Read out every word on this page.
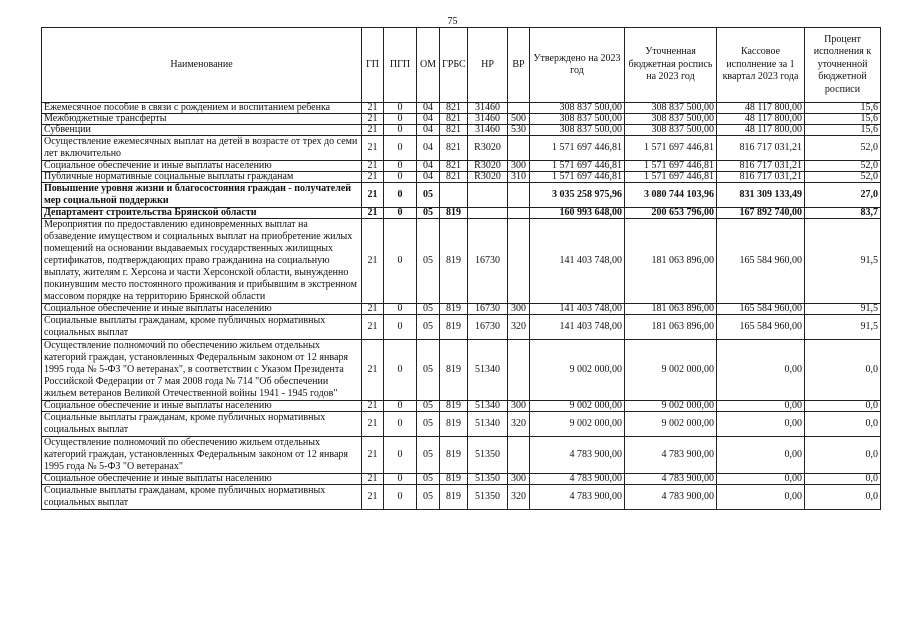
75
Наименование	ГП	ПГП	ОМ	ГРБС	НР	ВР	Утверждено на 2023 год	Уточненная бюджетная роспись на 2023 год	Кассовое исполнение за 1 квартал 2023 года	Процент исполнения к уточненной бюджетной росписи
Ежемесячное пособие в связи с рождением и воспитанием ребенка	21	0	04	821	31460		308 837 500,00	308 837 500,00	48 117 800,00	15,6
Межбюджетные трансферты	21	0	04	821	31460	500	308 837 500,00	308 837 500,00	48 117 800,00	15,6
Субвенции	21	0	04	821	31460	530	308 837 500,00	308 837 500,00	48 117 800,00	15,6
Осуществление ежемесячных выплат на детей в возрасте от трех до семи лет включительно	21	0	04	821	R3020		1 571 697 446,81	1 571 697 446,81	816 717 031,21	52,0
Социальное обеспечение и иные выплаты населению	21	0	04	821	R3020	300	1 571 697 446,81	1 571 697 446,81	816 717 031,21	52,0
Публичные нормативные социальные выплаты гражданам	21	0	04	821	R3020	310	1 571 697 446,81	1 571 697 446,81	816 717 031,21	52,0
Повышение уровня жизни и благосостояния граждан - получателей мер социальной поддержки	21	0	05				3 035 258 975,96	3 080 744 103,96	831 309 133,49	27,0
Департамент строительства Брянской области	21	0	05	819			160 993 648,00	200 653 796,00	167 892 740,00	83,7
Мероприятия по предоставлению единовременных выплат на обзаведение имуществом и социальных выплат на приобретение жилых помещений на основании выдаваемых государственных жилищных сертификатов, подтверждающих право гражданина на социальную выплату, жителям г. Херсона и части Херсонской области, вынужденно покинувшим место постоянного проживания и прибывшим в экстренном массовом порядке на территорию Брянской области	21	0	05	819	16730		141 403 748,00	181 063 896,00	165 584 960,00	91,5
Социальное обеспечение и иные выплаты населению	21	0	05	819	16730	300	141 403 748,00	181 063 896,00	165 584 960,00	91,5
Социальные выплаты гражданам, кроме публичных нормативных социальных выплат	21	0	05	819	16730	320	141 403 748,00	181 063 896,00	165 584 960,00	91,5
Осуществление полномочий по обеспечению жильем отдельных категорий граждан, установленных Федеральным законом от 12 января 1995 года № 5-ФЗ "О ветеранах", в соответствии с Указом Президента Российской Федерации от 7 мая 2008 года № 714 "Об обеспечении жильем ветеранов Великой Отечественной войны 1941 - 1945 годов"	21	0	05	819	51340		9 002 000,00	9 002 000,00	0,00	0,0
Социальное обеспечение и иные выплаты населению	21	0	05	819	51340	300	9 002 000,00	9 002 000,00	0,00	0,0
Социальные выплаты гражданам, кроме публичных нормативных социальных выплат	21	0	05	819	51340	320	9 002 000,00	9 002 000,00	0,00	0,0
Осуществление полномочий по обеспечению жильем отдельных категорий граждан, установленных Федеральным законом от 12 января 1995 года № 5-ФЗ "О ветеранах"	21	0	05	819	51350		4 783 900,00	4 783 900,00	0,00	0,0
Социальное обеспечение и иные выплаты населению	21	0	05	819	51350	300	4 783 900,00	4 783 900,00	0,00	0,0
Социальные выплаты гражданам, кроме публичных нормативных социальных выплат	21	0	05	819	51350	320	4 783 900,00	4 783 900,00	0,00	0,0
